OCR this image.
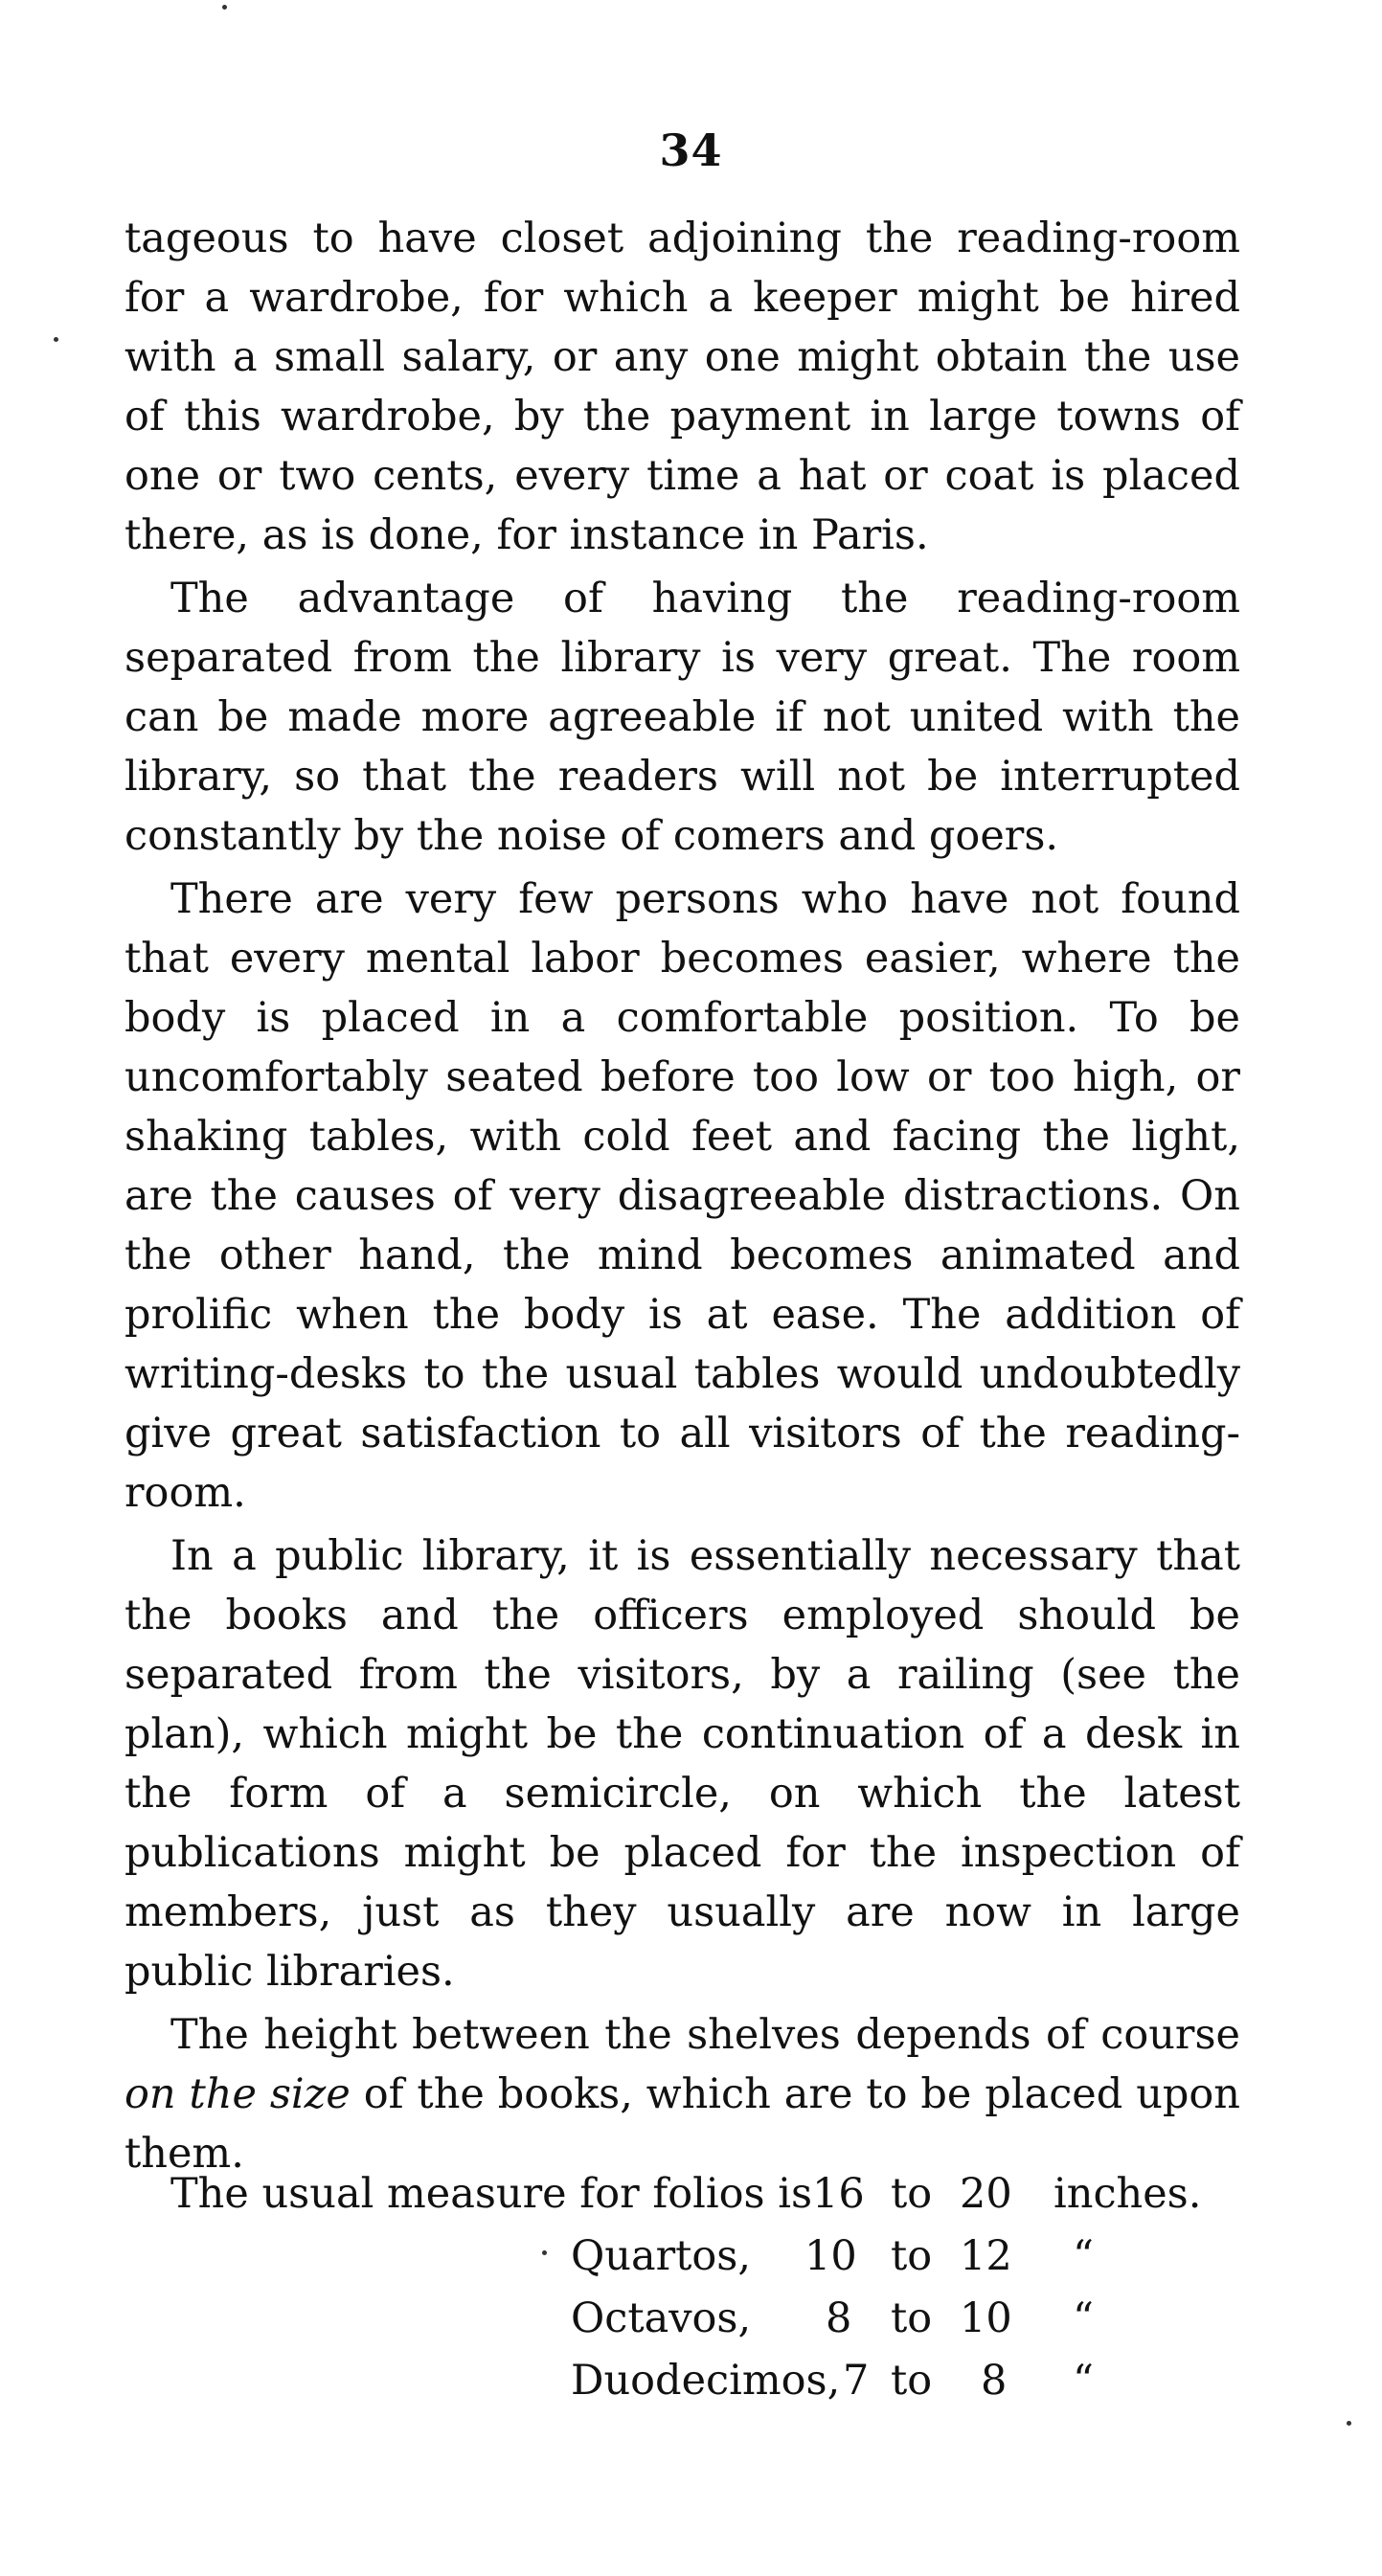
34

tageous to have closet adjoining the reading-room for a wardrobe, for which a keeper might be hired with a small salary, or any one might obtain the use of this wardrobe, by the payment in large towns of one or two cents, every time a hat or coat is placed there, as is done, for instance in Paris.

The advantage of having the reading-room separated from the library is very great. The room can be made more agreeable if not united with the library, so that the readers will not be interrupted constantly by the noise of comers and goers.

There are very few persons who have not found that every mental labor becomes easier, where the body is placed in a comfortable position. To be uncomfortably seated before too low or too high, or shaking tables, with cold feet and facing the light, are the causes of very disagreeable distractions. On the other hand, the mind becomes animated and prolific when the body is at ease. The addition of writing-desks to the usual tables would undoubtedly give great satisfaction to all visitors of the reading-room.

In a public library, it is essentially necessary that the books and the officers employed should be separated from the visitors, by a railing (see the plan), which might be the continuation of a desk in the form of a semicircle, on which the latest publications might be placed for the inspection of members, just as they usually are now in large public libraries.

The height between the shelves depends of course on the size of the books, which are to be placed upon them.

The usual measure for folios is 16 to 20 inches.
Quartos, 10 to 12 “
Octavos, 8 to 10 “
Duodecimos, 7 to 8 “
